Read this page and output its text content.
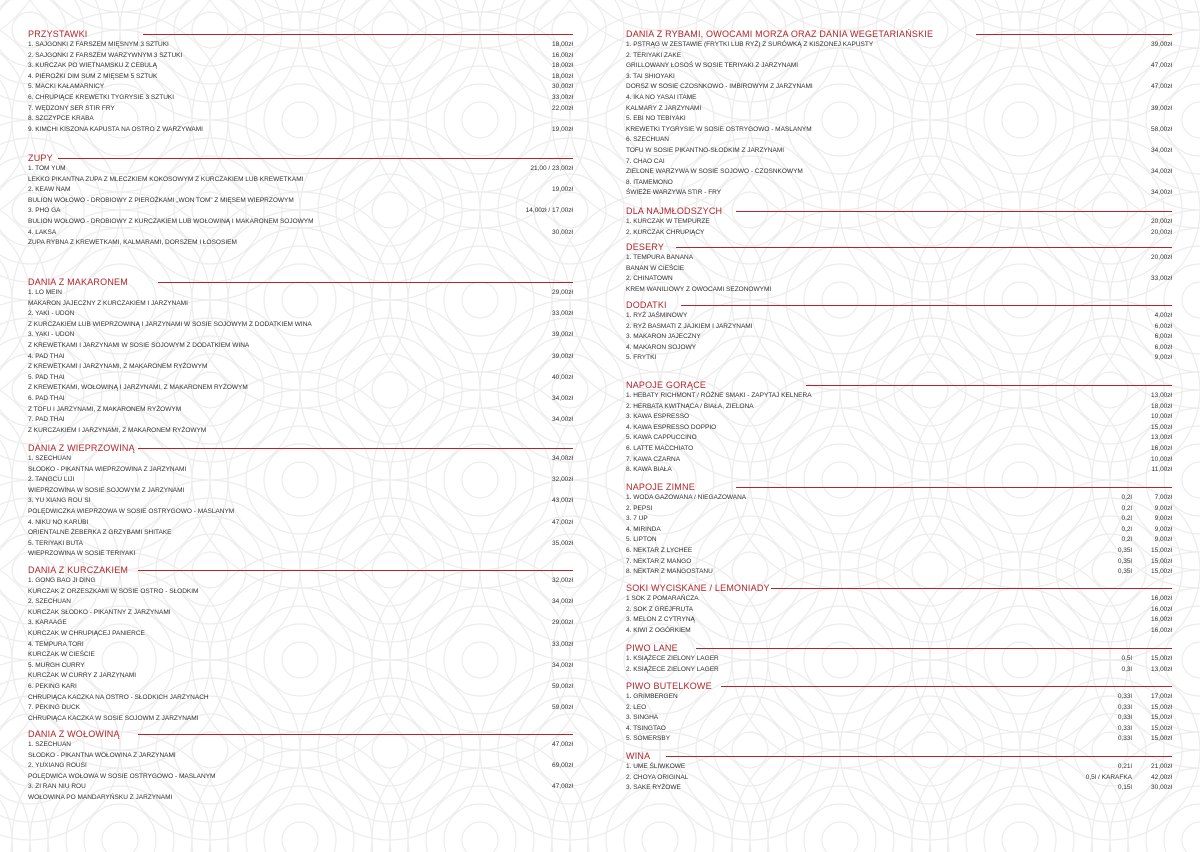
PRZYSTAWKI
1. SAJGONKI Z FARSZEM MIĘSNYM 3 SZTUKI	18,00zł
2. SAJGONKI Z FARSZEM WARZYWNYM 3 SZTUKI	16,00zł
3. KURCZAK PO WIETNAMSKU Z CEBULĄ	18,00zł
4. PIEROŻKI DIM SUM Z MIĘSEM 5 SZTUK	18,00zł
5. MACKI KAŁAMARNICY	30,00zł
6. CHRUPIĄCE KREWETKI TYGRYSIE 3 SZTUKI	33,00zł
7. WĘDZONY SER STIR FRY	22,00zł
8. SZCZYPCE KRABA
9. KIMCHI KISZONA KAPUSTA NA OSTRO Z WARZYWAMI	19,00zł
ZUPY
1. TOM YUM	21,00 / 23,00zł
LEKKO PIKANTNA ZUPA Z MLECZKIEM KOKOSOWYM Z KURCZAKIEM LUB KREWETKAMI
2. KEAW NAM	19,00zł
BULION WOŁOWO - DROBIOWY Z PIEROŻKAMI „WON TOM” Z MIĘSEM WIEPRZOWYM
3. PHO GA	14,00zł / 17,00zł
BULION WOŁOWO - DROBIOWY Z KURCZAKIEM LUB WOŁOWINĄ I MAKARONEM SOJOWYM
4. LAKSA	30,00zł
ZUPA RYBNA Z KREWETKAMI, KALMARAMI, DORSZEM I ŁOSOSIEM
DANIA Z MAKARONEM
1. LO MEIN	29,00zł
MAKARON JAJECZNY Z KURCZAKIEM I JARZYNAMI
2. YAKI - UDON	33,00zł
Z KURCZAKIEM LUB WIEPRZOWINĄ I JARZYNAMI W SOSIE SOJOWYM Z DODATKIEM WINA
3. YAKI - UDON	39,00zł
Z KREWETKAMI I JARZYNAMI W SOSIE SOJOWYM Z DODATKIEM WINA
4. PAD THAI	39,00zł
Z KREWETKAMI I JARZYNAMI, Z MAKARONEM RYŻOWYM
5. PAD THAI	40,00zł
Z KREWETKAMI, WOŁOWINĄ I JARZYNAMI, Z MAKARONEM RYŻOWYM
6. PAD THAI	34,00zł
Z TOFU I JARZYNAMI, Z MAKARONEM RYŻOWYM
7. PAD THAI	34,00zł
Z KURCZAKIEM I JARZYNAMI, Z MAKARONEM RYŻOWYM
DANIA Z WIEPRZOWINĄ
1. SZECHUAN	34,00zł
SŁODKO - PIKANTNA WIEPRZOWINA Z JARZYNAMI
2. TANGCU LIJI	32,00zł
WIEPRZOWINA W SOSIE SOJOWYM Z JARZYNAMI
3. YU XIANG ROU SI	43,00zł
POLĘDWICZKA WIEPRZOWA W SOSIE OSTRYGOWO - MASLANYM
4. NIKU NO KARUBI	47,00zł
ORIENTALNE ŻEBERKA Z GRZYBAMI SHITAKE
5. TERIYAKI BUTA	35,00zł
WIEPRZOWINA W SOSIE TERIYAKI
DANIA Z KURCZAKIEM
1. GONG BAO JI DING	32,00zł
KURCZAK Z ORZESZKAMI W SOSIE OSTRO - SŁODKIM
2. SZECHUAN	34,00zł
KURCZAK SŁODKO - PIKANTNY Z JARZYNAMI
3. KARAAGE	29,00zł
KURCZAK W CHRUPIĄCEJ PANIERCE
4. TEMPURA TORI	33,00zł
KURCZAK W CIEŚCIE
5. MURGH CURRY	34,00zł
KURCZAK W CURRY Z JARZYNAMI
6. PEKING KARI	59,00zł
CHRUPIĄCA KACZKA NA OSTRO - SŁODKICH JARZYNACH
7. PEKING DUCK	59,00zł
CHRUPIĄCA KACZKA W SOSIE SOJOWM Z JARZYNAMI
DANIA Z WOŁOWINĄ
1. SZECHUAN	47,00zł
SŁODKO - PIKANTNA WOŁOWINA Z JARZYNAMI
2. YUXIANG ROUSI	69,00zł
POLĘDWICA WOŁOWA W SOSIE OSTRYGOWO - MASLANYM
3. ZI RAN NIU ROU	47,00zł
WOŁOWINA PO MANDARYŃSKU Z JARZYNAMI
DANIA Z RYBAMI, OWOCAMI MORZA ORAZ DANIA WEGETARIAŃSKIE
1. PSTRĄG W ZESTAWIE (FRYTKI LUB RYŻ) Z SURÓWKĄ Z KISZONEJ KAPUSTY	39,00zł
2. TERIYAKI ZAKE
GRILLOWANY ŁOSOŚ W SOSIE TERIYAKI Z JARZYNAMI	47,00zł
3. TAI SHIOYAKI
DORSZ W SOSIE CZOSNKOWO - IMBIROWYM Z JARZYNAMI	47,00zł
4. IKA NO YASAI ITAME
KALMARY Z JARZYNAMI	39,00zł
5. EBI NO TEBIYAKI
KREWETKI TYGRYSIE W SOSIE OSTRYGOWO - MASLANYM	58,00zł
6. SZECHUAN
TOFU W SOSIE PIKANTNO-SŁODKIM Z JARZYNAMI	34,00zł
7. CHAO CAI
ZIELONE WARZYWA W SOSIE SOJOWO - CZOSNKOWYM	34,00zł
8. ITAMEMONO
ŚWIEŻE WARZYWA STIR - FRY	34,00zł
DLA NAJMŁODSZYCH
1. KURCZAK W TEMPURZE	20,00zł
2. KURCZAK CHRUPIĄCY	20,00zł
DESERY
1. TEMPURA BANANA	20,00zł
BANAN W CIEŚCIE
2. CHINATOWN	33,00zł
KREM WANILIOWY Z OWOCAMI SEZONOWYMI
DODATKI
1. RYŻ JAŚMINOWY	4,00zł
2. RYŻ BASMATI Z JAJKIEM I JARZYNAMI	6,00zł
3. MAKARON JAJECZNY	6,00zł
4. MAKARON SOJOWY	6,00zł
5. FRYTKI	9,00zł
NAPOJE GORĄCE
1. HEBATY RICHMONT / RÓŻNE SMAKI - ZAPYTAJ KELNERA	13,00zł
2. HERBATA KWITNĄCA / BIAŁA, ZIELONA	18,00zł
3. KAWA ESPRESSO	10,00zł
4. KAWA ESPRESSO DOPPIO	15,00zł
5. KAWA CAPPUCCINO	13,00zł
6. LATTE MACCHIATO	16,00zł
7. KAWA CZARNA	10,00zł
8. KAWA BIAŁA	11,00zł
NAPOJE ZIMNE
1. WODA GAZOWANA / NIEGAZOWANA	0,2l	7,00zł
2. PEPSI	0,2l	9,00zł
3. 7 UP	0,2l	9,00zł
4. MIRINDA	0,2l	9,00zł
5. LIPTON	0,2l	9,00zł
6. NEKTAR Z LYCHEE	0,35l	15,00zł
7. NEKTAR Z MANGO	0,35l	15,00zł
8. NEKTAR Z MANGOSTANU	0,35l	15,00zł
SOKI WYCISKANE / LEMONIADY
1 SOK Z POMARAŃCZA	16,00zł
2. SOK Z GREJFRUTA	16,00zł
3. MELON Z CYTRYNĄ	16,00zł
4. KIWI Z OGÓRKIEM	16,00zł
PIWO LANE
1. KSIĄŻECE ZIELONY LAGER	0,5l	15,00zł
2. KSIĄŻECE ZIELONY LAGER	0,3l	13,00zł
PIWO BUTELKOWE
1. GRIMBERGEN	0,33l	17,00zł
2. LEO	0,33l	15,00zł
3. SINGHA	0,33l	15,00zł
4. TSINGTAO	0,33l	15,00zł
5. SOMERSBY	0,33l	15,00zł
WINA
1. UME ŚLIWKOWE	0,21l	21,00zł
2. CHOYA ORIGINAL	0,5l / KARAFKA	42,00zł
3. SAKE RYŻOWE	0,15l	30,00zł
